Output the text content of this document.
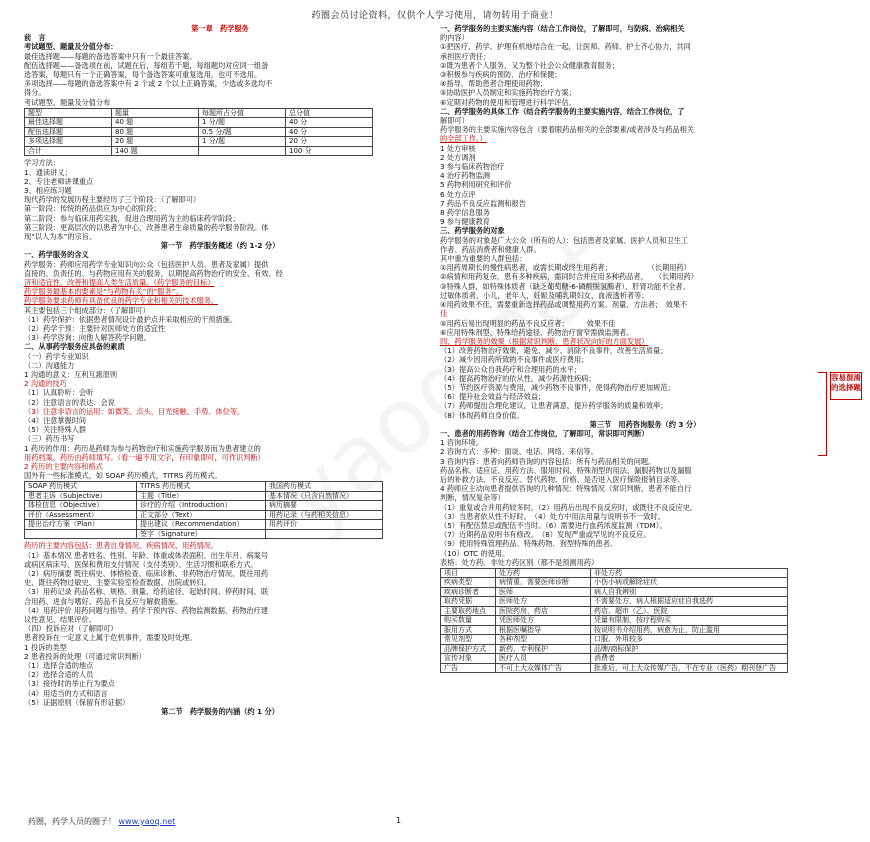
药圈会员讨论资料，仅供个人学习使用，请勿转用于商业！

第一章　药学服务

前　言

考试题型、题量及分值分布：

最佳选择题——每题的备选答案中只有一个最佳答案。

配伍选择题——备选项在前，试题在后，每组若干题，每组题均对应同一组备

选答案，每题只有一个正确答案，每个备选答案可重复选用，也可不选用。

多项选择——每题的备选答案中有 2 个或 2 个以上正确答案，少选或多选均不

得分。

考试题型、题量及分值分布

题型	题量	每题所占分值	总分值
最佳选择题	40 题	1 分/题	40 分
配伍选择题	80 题	0.5 分/题	40 分
多项选择题	20 题	1 分/题	20 分
合计	140 题		100 分

学习方法：

1、通读讲义；

2、专注老师讲课重点

3、相应练习题

现代药学的发展历程主要经历了三个阶段：（了解即可）

第一阶段：传统的药品供应为中心的阶段；

第二阶段：参与临床用药实践，促进合理用药为主的临床药学阶段；

第三阶段：更高层次的以患者为中心，改善患者生命质量的药学服务阶段。体

现“以人为本”的宗旨。

第一节　药学服务概述（约 1-2 分）

一、药学服务的含义

药学服务：药师应用药学专业知识向公众（包括医护人员、患者及家属）提供

直接的、负责任的、与药物应用有关的服务，以期提高药物治疗的安全、有效、经

济和适宜性，改善和提高人类生活质量。（药学服务的目标）

药学服务最基本的要素是“与药物有关”的“服务”。

药学服务要求药师有具备优良的药学专业和相关的技术服务。

其主要包括三个组成部分：（了解即可）

（1）药学保护：依据患者情况设计最护点并采取相应的干预措施。

（2）药学干预：主要针对医师处方的适宜性

（3）药学咨询：向他人解答药学问题。

二、从事药学服务应具备的素质

（一）药学专业知识

（二）沟通能力

1 沟通的意义：互利互惠原则

2 沟通的技巧

（1）认真聆听：会听

（2）注意语言的表达：会说

（3）注意非语言的运用：如微笑、点头、目光接触、手势、体位等。

（4）注意掌握时间

（5）关注特殊人群

（三）药历书写

1 药历的作用：药历是药师为参与药物治疗和实施药学服务而为患者建立的

用药档案，药历由药师填写。（看一遍不用文字，有印象即可，可作识判断）

2 药历的主要内容和格式

国外有一些标准模式，如 SOAP 药历模式，TITRS 药历模式。

SOAP 药历模式	TITRS 药历模式	我国药历模式
患者主诉（Subjective）	主题（Title）	基本情况（只含自然情况）
体检信息（Objective）	诊疗的介绍（Introduction）	病历摘要
评价（Assessment）	正文部分（Text）	用药记录（与药相关信息）
提出治疗方案（Plan）	提出建议（Recommendation）	用药评价
	签字（Signature）	

药历的主要内容包括：患者自身情况、疾病情况、用药情况。

（1）基本情况 患者姓名、性别、年龄、体重或体表面积、出生年月、病案号

或病区病床号、医保和费用支付情况（支付类别）、生活习惯和联系方式。

（2）病历摘要 既往病史、体格检查、临床诊断、非药物治疗情况、既往用药

史、既往药物过敏史、主要实验室检查数据、出院或转归。

（3）用药记录 药品名称、规格、剂量、给药途径、起始时间、停药时间、联

合用药、进食与嗜好、药品不良反应与解救措施。

（4）用药评价 用药问题与指导、药学干预内容、药物监测数据、药物治疗建

议性意见、结果评价。

（四）投诉应对（了解即可）

患者投诉在一定意义上属于危机事件，需要及时处理。

1 投诉的类型

2 患者投诉的处理（可通过常识判断）

（1）选择合适的地点

（2）选择合适的人员

（3）接待时的举止行为要点

（4）用适当的方式和语言

（5）证据原则（保留有形证据）

第二节　药学服务的内涵（约 1 分）

一、药学服务的主要实施内容（结合工作岗位，了解即可，与防病、治病相关

的内容）

①把医疗、药学、护理有机地结合在一起，让医师、药师、护士齐心协力，共同

承担医疗责任；

②既为患者个人服务，又为整个社会公众健康教育服务；

③积极参与疾病的预防、治疗和保健；

④指导、帮助患者合理使用药物；

⑤协助医护人员制定和实施药物治疗方案；

⑥定期对药物的使用和管理进行科学评估。

二、药学服务的具体工作（结合药学服务的主要实施内容，结合工作岗位，了

解即可）

药学服务的主要实施内容包含（要着眼药品相关的全部要素/或者涉及与药品相关

的全部工作。）

1 处方审核

2 处方调剂

3 参与临床药物治疗

4 治疗药物监测

5 药物利用研究和评价

6 处方点评

7 药品不良反应监测和报告

8 药学信息服务

9 参与健康教育

三、药学服务的对象

药学服务的对象是广大公众（所有的人）：包括患者及家属、医护人员和卫生工

作者、药品消费者和健康人群。

其中重为重要的人群包括：

①用药周期长的慢性病患者，或需长期或终生用药者；　　　　　　（长期用药）

②病情和用药复杂，患有多种疾病，需同时合并应用多种药品者。　　（长期用药）

③特殊人群，如特殊体质者（缺乏葡萄糖-6-磷酸脱氢酶者）、肝肾功能不全者、

过敏体质者，小儿，老年人，妊娠及哺乳期妇女，血液透析者等；

④用药效果不佳，需要重新选择药品或调整用药方案、剂量、方法者；　效果不

佳

⑤用药后易出现明显的药品不良反应者；　　　效果不佳

⑥应用特殊剂型、特殊给药途径、药物治疗窗窄需做监测者。

四、药学服务的效果（根据常识判断，患者状况向好的方面发展）

（1）改善药物治疗效果，避免、减少、消除不良事件，改善生活质量；

（2）减少因用药所致的不良事件或医疗费用；

（3）提高公众自我药疗和合理用药的水平；

（4）提高药物治疗的依从性，减少药源性疾病；

（5）节约医疗资源与费用，减少药物不良事件，使得药物治疗更加规范；

（6）提升社会效益与经济效益；

（7）药师提出合理化建议，让患者满意，提升药学服务的质量和效率；

（8）体现药师自身价值。

第三节　用药咨询服务（约 3 分）

一、患者的用药咨询（结合工作岗位，了解即可，常识即可判断）

1 咨询环境。

2 咨询方式：多种：面谈、电话、网络、来信等。

3 咨询内容：患者向药师咨询的内容包括：所有与药品相关的问题。

药品名称、适应证、用药方法、服用时间、特殊剂型的用法、漏服药物以及漏服

后的补救方法、不良反应、替代药物、价格、是否进入医疗保险报销目录等。

4 药师应主动向患者提供咨询的几种情况：特殊情况（常识判断，患者不能自行

判断，情况复杂等）

（1）重复或合并用药较多时。（2）用药后出现不良反应时，或既往不良反应史。

（3）当患者依从性不好时。　（4）处方中用法用量与说明书不一致时。

（5）有配伍禁忌或配伍不当时。（6）需要进行血药浓度监测（TDM）。

（7）近期药品说明书有修改。　（8）发现严重或罕见的不良反应。

（9）使用特殊管理药品、特殊药物、剂型特殊的患者。

（10）OTC 的使用。

表格：处方药、非处方药区别（都不是预测用药）

项目	处方药	非处方药
疾病类型	病情重，需要医师诊断	小伤小病或解除症状
疾病诊断者	医师	病人自我辨别
取药凭据	医师处方	不需要处方，病人根据适应症自我选药
主要取药地点	医院药房，药店	药店、超市（乙）、医院
购买数量	凭医师处方	凭量有限制，按疗程购买
服用方式	根据医嘱指导	按说明书介绍用药，病愈为止，防止滥用
常见剂型	各种剂型	口服，外用较多
品牌保护方式	新药、专利保护	品牌/商标保护
宣传对象	医疗人员	消费者
广告	不可上大众媒体广告	批准后，可上大众传媒广告，不在专业（医药）期刊登广告
容易混淆的选择题
药圈，药学人员的圈子！ www.yaoq.net	1
